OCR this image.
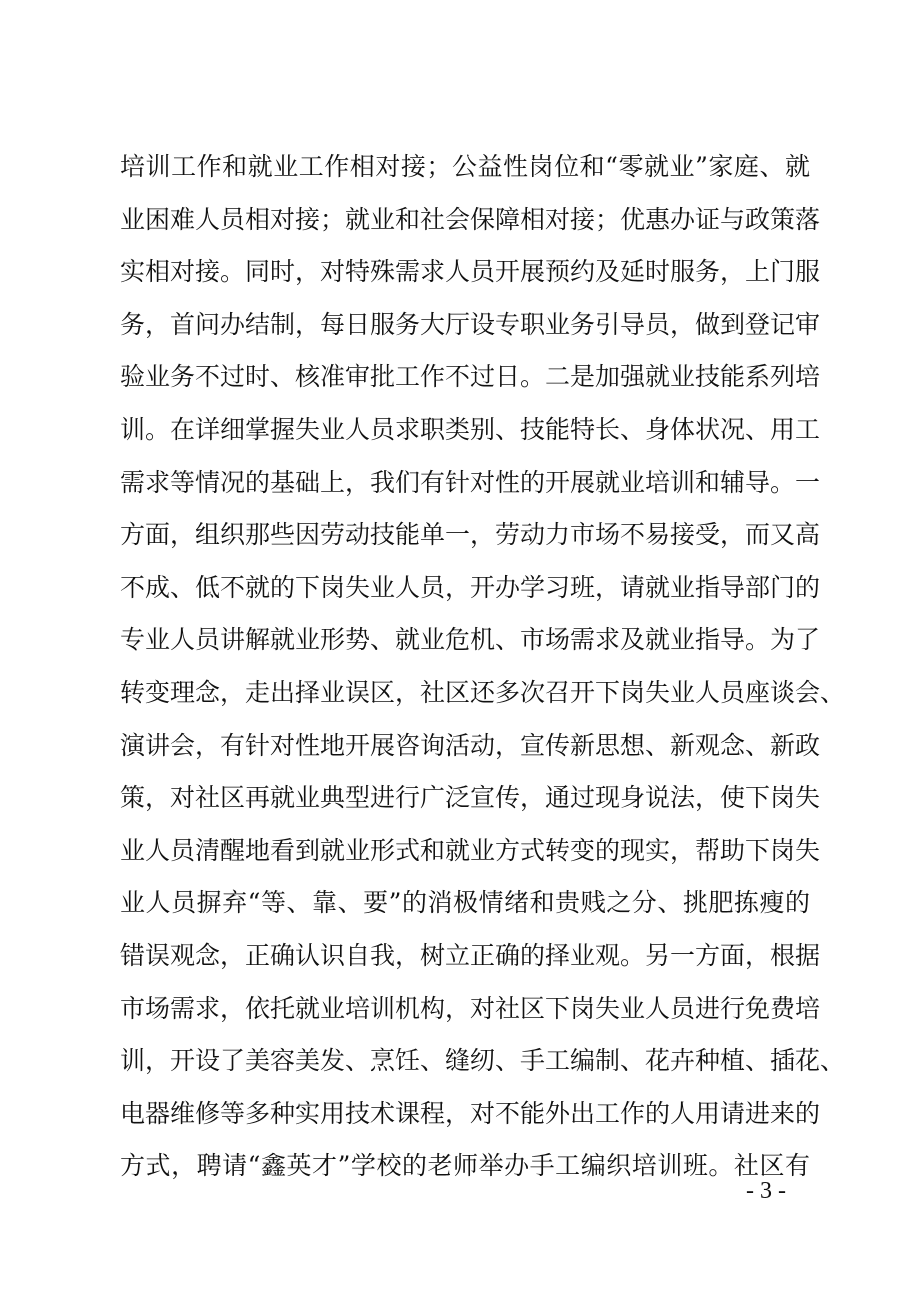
培训工作和就业工作相对接；公益性岗位和“零就业”家庭、就
业困难人员相对接；就业和社会保障相对接；优惠办证与政策落
实相对接。同时，对特殊需求人员开展预约及延时服务，上门服
务，首问办结制，每日服务大厅设专职业务引导员，做到登记审
验业务不过时、核准审批工作不过日。二是加强就业技能系列培
训。在详细掌握失业人员求职类别、技能特长、身体状况、用工
需求等情况的基础上，我们有针对性的开展就业培训和辅导。一
方面，组织那些因劳动技能单一，劳动力市场不易接受，而又高
不成、低不就的下岗失业人员，开办学习班，请就业指导部门的
专业人员讲解就业形势、就业危机、市场需求及就业指导。为了
转变理念，走出择业误区，社区还多次召开下岗失业人员座谈会、
演讲会，有针对性地开展咨询活动，宣传新思想、新观念、新政
策，对社区再就业典型进行广泛宣传，通过现身说法，使下岗失
业人员清醒地看到就业形式和就业方式转变的现实，帮助下岗失
业人员摒弃“等、靠、要”的消极情绪和贵贱之分、挑肥拣瘦的
错误观念，正确认识自我，树立正确的择业观。另一方面，根据
市场需求，依托就业培训机构，对社区下岗失业人员进行免费培
训，开设了美容美发、烹饪、缝纫、手工编制、花卉种植、插花、
电器维修等多种实用技术课程，对不能外出工作的人用请进来的
方式，聘请“鑫英才”学校的老师举办手工编织培训班。社区有
- 3 -
